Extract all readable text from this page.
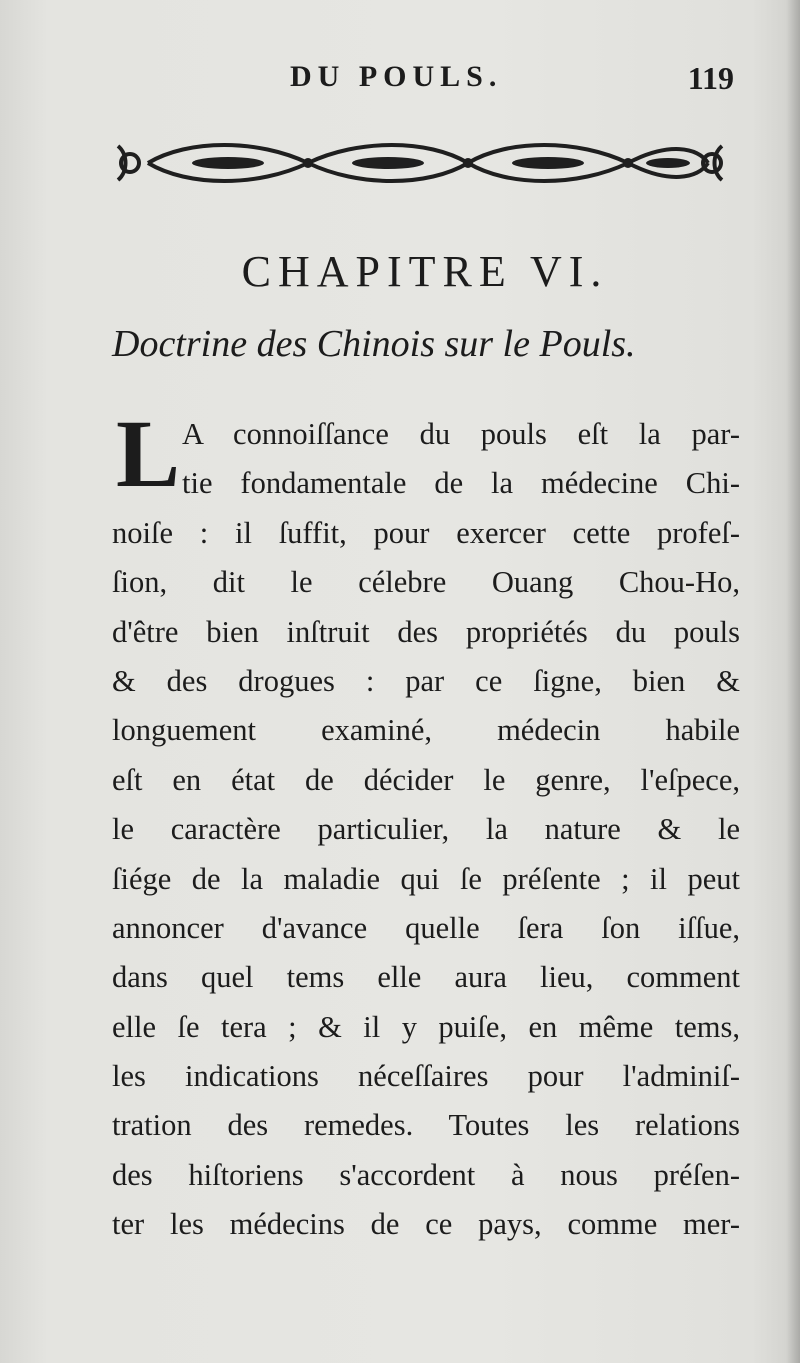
DU POULS.	119
CHAPITRE VI.
Doctrine des Chinois sur le Pouls.
L A connoiſſance du pouls eſt la par-
tie fondamentale de la médecine Chi-
noiſe : il ſuffit, pour exercer cette profeſ-
ſion, dit le célebre Ouang Chou-Ho,
d'être bien inſtruit des propriétés du pouls
& des drogues : par ce ſigne, bien &
longuement examiné, médecin habile
eſt en état de décider le genre, l'eſpece,
le caractère particulier, la nature & le
ſiége de la maladie qui ſe préſente ; il peut
annoncer d'avance quelle ſera ſon iſſue,
dans quel tems elle aura lieu, comment
elle ſe tera ; & il y puiſe, en même tems,
les indications néceſſaires pour l'adminiſ-
tration des remedes. Toutes les relations
des hiſtoriens s'accordent à nous préſen-
ter les médecins de ce pays, comme mer-
